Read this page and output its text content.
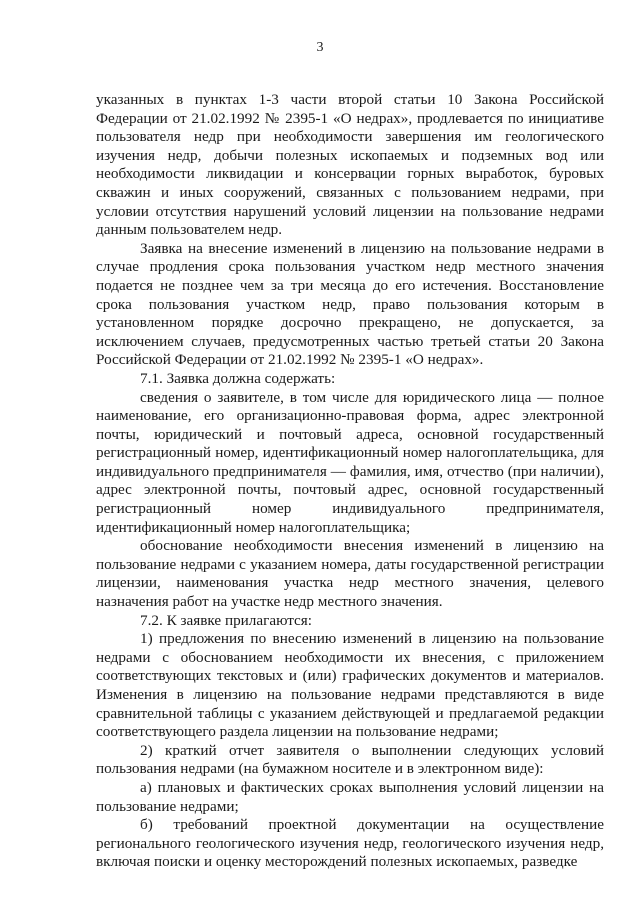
3

указанных в пунктах 1-3 части второй статьи 10 Закона Российской Федерации от 21.02.1992 № 2395-1 «О недрах», продлевается по инициативе пользователя недр при необходимости завершения им геологического изучения недр, добычи полезных ископаемых и подземных вод или необходимости ликвидации и консервации горных выработок, буровых скважин и иных сооружений, связанных с пользованием недрами, при условии отсутствия нарушений условий лицензии на пользование недрами данным пользователем недр.

Заявка на внесение изменений в лицензию на пользование недрами в случае продления срока пользования участком недр местного значения подается не позднее чем за три месяца до его истечения. Восстановление срока пользования участком недр, право пользования которым в установленном порядке досрочно прекращено, не допускается, за исключением случаев, предусмотренных частью третьей статьи 20 Закона Российской Федерации от 21.02.1992 № 2395-1 «О недрах».

7.1. Заявка должна содержать:

сведения о заявителе, в том числе для юридического лица — полное наименование, его организационно-правовая форма, адрес электронной почты, юридический и почтовый адреса, основной государственный регистрационный номер, идентификационный номер налогоплательщика, для индивидуального предпринимателя — фамилия, имя, отчество (при наличии), адрес электронной почты, почтовый адрес, основной государственный регистрационный номер индивидуального предпринимателя, идентификационный номер налогоплательщика;

обоснование необходимости внесения изменений в лицензию на пользование недрами с указанием номера, даты государственной регистрации лицензии, наименования участка недр местного значения, целевого назначения работ на участке недр местного значения.

7.2. К заявке прилагаются:

1) предложения по внесению изменений в лицензию на пользование недрами с обоснованием необходимости их внесения, с приложением соответствующих текстовых и (или) графических документов и материалов. Изменения в лицензию на пользование недрами представляются в виде сравнительной таблицы с указанием действующей и предлагаемой редакции соответствующего раздела лицензии на пользование недрами;

2) краткий отчет заявителя о выполнении следующих условий пользования недрами (на бумажном носителе и в электронном виде):

а) плановых и фактических сроках выполнения условий лицензии на пользование недрами;

б) требований проектной документации на осуществление регионального геологического изучения недр, геологического изучения недр, включая поиски и оценку месторождений полезных ископаемых, разведке
